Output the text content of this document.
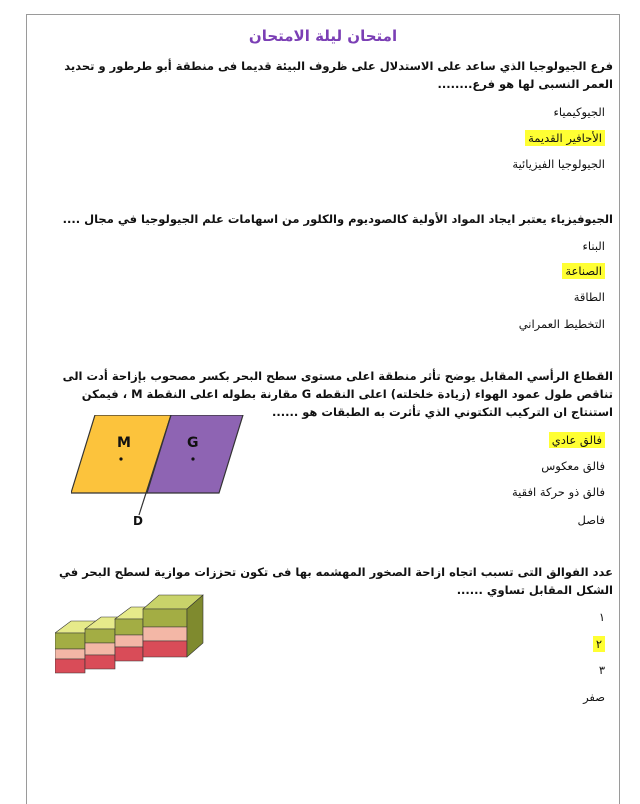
امتحان ليلة الامتحان
فرع الجيولوجيا الذي ساعد على الاستدلال على ظروف البيئة قديما فى منطقة أبو طرطور و تحديد العمر النسبى لها هو فرع........
الجيوكيمياء
الأحافير القديمة
الجيولوجيا الفيزيائية
الجيوفيزياء يعتبر ايجاد المواد الأولية كالصوديوم والكلور من اسهامات علم الجيولوجيا في مجال ....
البناء
الصناعة
الطاقة
التخطيط العمراني
القطاع الرأسي المقابل يوضح تأثر منطقة اعلى مستوى سطح البحر بكسر مصحوب بإزاحة أدت الى تناقص طول عمود الهواء (زيادة خلخلته) اعلى النقطه G مقارنة بطوله اعلى النقطة M ، فيمكن استنتاج ان التركيب التكتوني الذي تأثرت به الطبقات هو ......
M	G
D
فالق عادي
فالق معكوس
فالق ذو حركة افقية
فاصل
عدد الفوالق التى تسبب اتجاه ازاحة الصخور المهشمه بها فى تكون تحززات موازية لسطح البحر في الشكل المقابل تساوي ......
١
٢
٣
صفر
